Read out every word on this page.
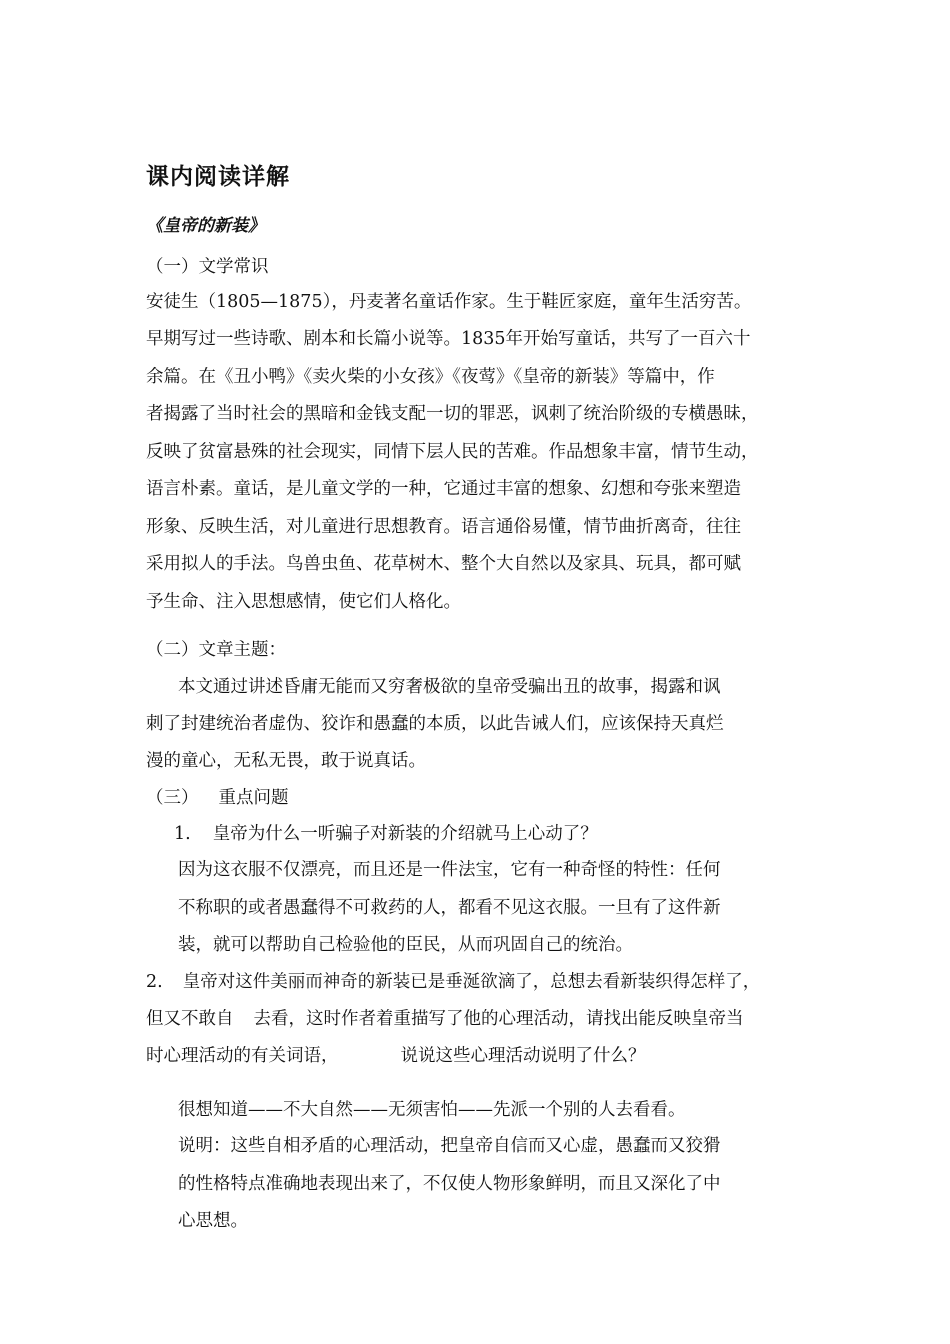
课内阅读详解
《皇帝的新装》
（一）文学常识
安徒生（1805—1875），丹麦著名童话作家。生于鞋匠家庭，童年生活穷苦。
早期写过一些诗歌、剧本和长篇小说等。1835年开始写童话，共写了一百六十
余篇。在《丑小鸭》《卖火柴的小女孩》《夜莺》《皇帝的新装》等篇中，作
者揭露了当时社会的黑暗和金钱支配一切的罪恶，讽刺了统治阶级的专横愚昧，
反映了贫富悬殊的社会现实，同情下层人民的苦难。作品想象丰富，情节生动，
语言朴素。童话，是儿童文学的一种，它通过丰富的想象、幻想和夸张来塑造
形象、反映生活，对儿童进行思想教育。语言通俗易懂，情节曲折离奇，往往
采用拟人的手法。鸟兽虫鱼、花草树木、整个大自然以及家具、玩具，都可赋
予生命、注入思想感情，使它们人格化。
（二）文章主题：
本文通过讲述昏庸无能而又穷奢极欲的皇帝受骗出丑的故事，揭露和讽
刺了封建统治者虚伪、狡诈和愚蠢的本质，以此告诫人们，应该保持天真烂
漫的童心，无私无畏，敢于说真话。
（三） 重点问题
1. 皇帝为什么一听骗子对新装的介绍就马上心动了？
因为这衣服不仅漂亮，而且还是一件法宝，它有一种奇怪的特性：任何
不称职的或者愚蠢得不可救药的人，都看不见这衣服。一旦有了这件新
装，就可以帮助自己检验他的臣民，从而巩固自己的统治。
2. 皇帝对这件美丽而神奇的新装已是垂涎欲滴了，总想去看新装织得怎样了，
但又不敢自 去看，这时作者着重描写了他的心理活动，请找出能反映皇帝当
时心理活动的有关词语，	说说这些心理活动说明了什么？
很想知道——不大自然——无须害怕——先派一个别的人去看看。
说明：这些自相矛盾的心理活动，把皇帝自信而又心虚，愚蠢而又狡猾
的性格特点准确地表现出来了，不仅使人物形象鲜明，而且又深化了中
心思想。
